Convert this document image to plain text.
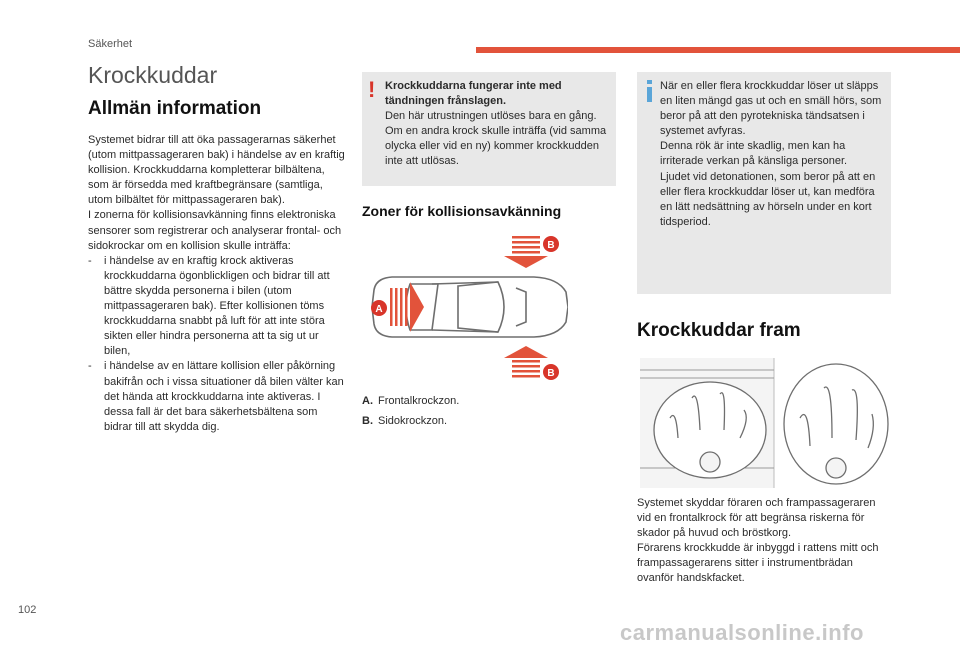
Säkerhet
Krockkuddar
Allmän information

Systemet bidrar till att öka passagerarnas säkerhet (utom mittpassageraren bak) i händelse av en kraftig kollision. Krockkuddarna kompletterar bilbältena, som är försedda med kraftbegränsare (samtliga, utom bilbältet för mittpassageraren bak).

I zonerna för kollisionsavkänning finns elektroniska sensorer som registrerar och analyserar frontal- och sidokrockar om en kollision skulle inträffa:

- i händelse av en kraftig krock aktiveras krockkuddarna ögonblickligen och bidrar till att bättre skydda personerna i bilen (utom mittpassageraren bak). Efter kollisionen töms krockkuddarna snabbt på luft för att inte störa sikten eller hindra personerna att ta sig ut ur bilen,
- i händelse av en lättare kollision eller påkörning bakifrån och i vissa situationer då bilen välter kan det hända att krockkuddarna inte aktiveras. I dessa fall är det bara säkerhetsbältena som bidrar till att skydda dig.
! Krockkuddarna fungerar inte med tändningen frånslagen.

Den här utrustningen utlöses bara en gång. Om en andra krock skulle inträffa (vid samma olycka eller vid en ny) kommer krockkudden inte att utlösas.

Zoner för kollisionsavkänning
B
A
B
A. Frontalkrockzon.
B. Sidokrockzon.

När en eller flera krockkuddar löser ut släpps en liten mängd gas ut och en smäll hörs, som beror på att den pyrotekniska tändsatsen i systemet avfyras.

Denna rök är inte skadlig, men kan ha irriterade verkan på känsliga personer.

Ljudet vid detonationen, som beror på att en eller flera krockkuddar löser ut, kan medföra en lätt nedsättning av hörseln under en kort tidsperiod.

Krockkuddar fram

Systemet skyddar föraren och frampassageraren vid en frontalkrock för att begränsa riskerna för skador på huvud och bröstkorg.

Förarens krockkudde är inbyggd i rattens mitt och frampassagerarens sitter i instrumentbrädan ovanför handskfacket.

102
carmanualsonline.info
